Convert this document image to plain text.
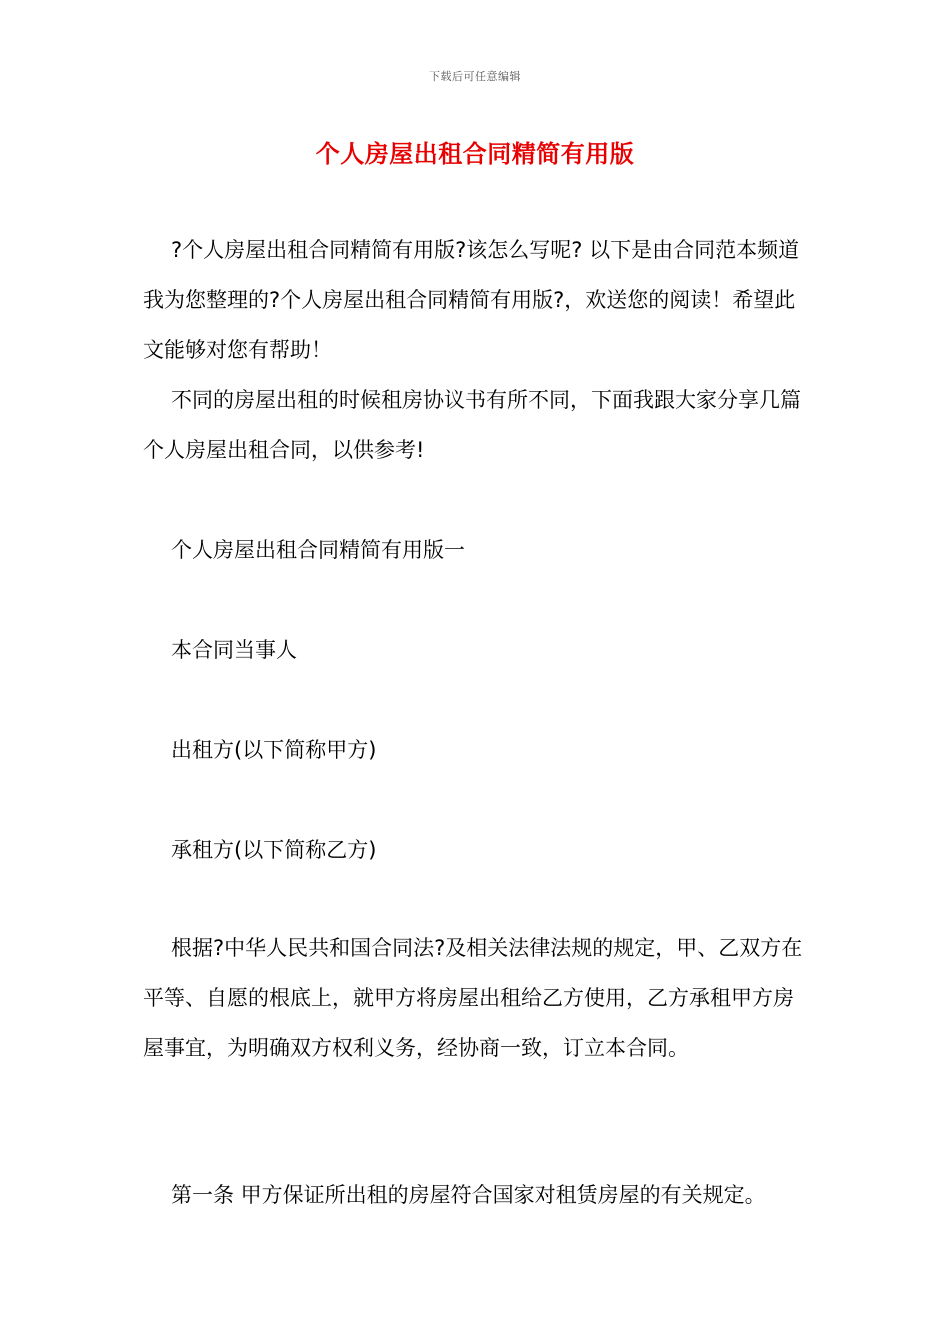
下载后可任意编辑
个人房屋出租合同精简有用版

?个人房屋出租合同精简有用版?该怎么写呢? 以下是由合同范本频道我为您整理的?个人房屋出租合同精简有用版?，欢送您的阅读！希望此文能够对您有帮助！

不同的房屋出租的时候租房协议书有所不同，下面我跟大家分享几篇个人房屋出租合同，以供参考!

个人房屋出租合同精简有用版一

本合同当事人

出租方(以下简称甲方)

承租方(以下简称乙方)

根据?中华人民共和国合同法?及相关法律法规的规定，甲、乙双方在平等、自愿的根底上，就甲方将房屋出租给乙方使用，乙方承租甲方房屋事宜，为明确双方权利义务，经协商一致，订立本合同。

第一条 甲方保证所出租的房屋符合国家对租赁房屋的有关规定。
